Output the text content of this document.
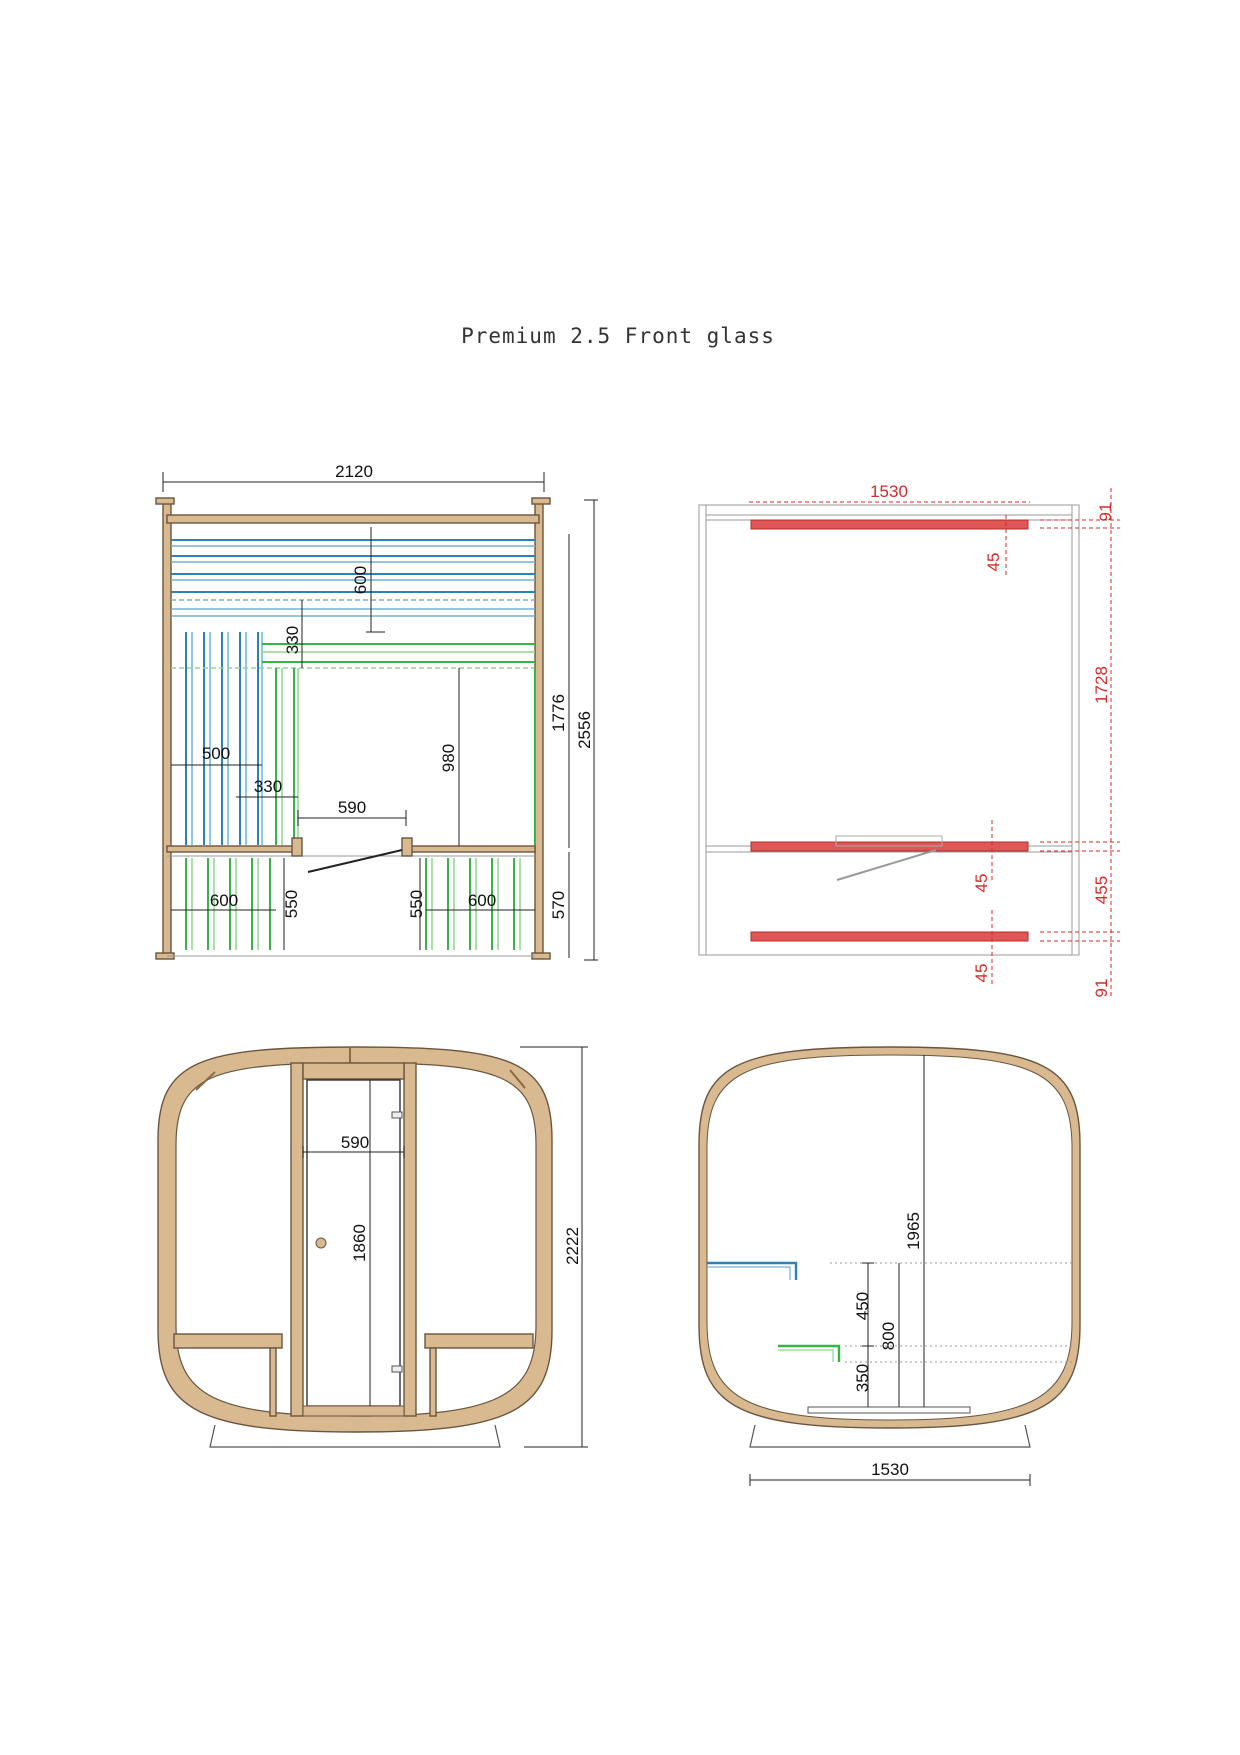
Premium 2.5 Front glass
2120
600
330
980
500
330
590
600	550	550 600
1776
570
2556
1530
45
91
1728
45	455
45
91
590
1860	2222	1965
450
800
350
1530
